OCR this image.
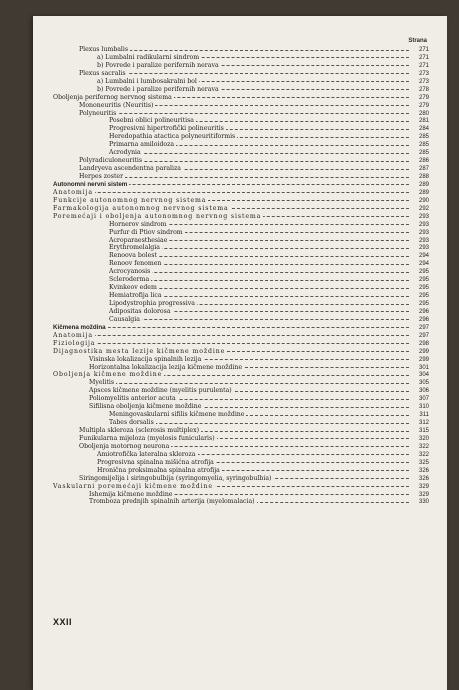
Strana
Plexus lumbalis	271
a) Lumbalni radikularni sindrom	271
b) Povrede i paralize perifernih nerava	271
Plexus sacralis	273
a) Lumbalni i lumbosakralni bol	273
b) Povrede i paralize perifernih nerava	278
Oboljenja perifernog nervnog sistema	279
Mononeuritis (Neuritis)	279
Polyneuritis	280
Posebni oblici polineuritisa	281
Progresivni hipertrofički polineuritis	284
Heredopathia atactica polyneuritiformis	285
Primarna amiloidoza	285
Acrodynia	285
Polyradiculoneuritis	286
Landryeva ascendentna paraliza	287
Herpes zoster	288
Autonomni nervni sistem	289
Anatomija	289
Funkcije autonomnog nervnog sistema	290
Farmakologija autonomnog nervnog sistema	292
Poremećaji i oboljenja autonomnog nervnog sistema	293
Hornerov sindrom	293
Purfur di Ptiov sindrom	293
Acroparaesthesiae	293
Erythromelalgia	293
Renoova bolest	294
Renoov fenomen	294
Acrocyanosis	295
Scleroderma	295
Kvinkeov edem	295
Hemiatrofija lica	295
Lipodystrophia progressiva	295
Adipositas dolorosa	296
Causalgia	296
Kičmena moždina	297
Anatomija	297
Fiziologija	298
Dijagnostika mesta lezije kičmene moždine	299
Visinska lokalizacija spinalnih lezija	299
Horizontalna lokalizacija lezija kičmene moždine	301
Oboljenja kičmene moždine	304
Myelitis	305
Apsces kičmene moždine (myelitis purulenta)	306
Poliomyelitis anterior acuta	307
Sifilisna oboljenja kičmene moždine	310
Meningovaskularni sifilis kičmene moždine	311
Tabes dorsalis	312
Multipla skleroza (sclerosis multiplex)	315
Funikularna mijeloza (myelosis funicularis)	320
Oboljenja motornog neurona	322
Amiotrofička lateralna skleroza	322
Progresivna spinalna mišićna atrofija	325
Hronična proksimalna spinalna atrofija	326
Siringomijelija i siringobulbija (syringomyelia, syringobulbia)	326
Vaskularni poremećaji kičmene moždine	329
Ishemija kičmene moždine	329
Tromboza prednjih spinalnih arterija (myelomalacia)	330
XXII
